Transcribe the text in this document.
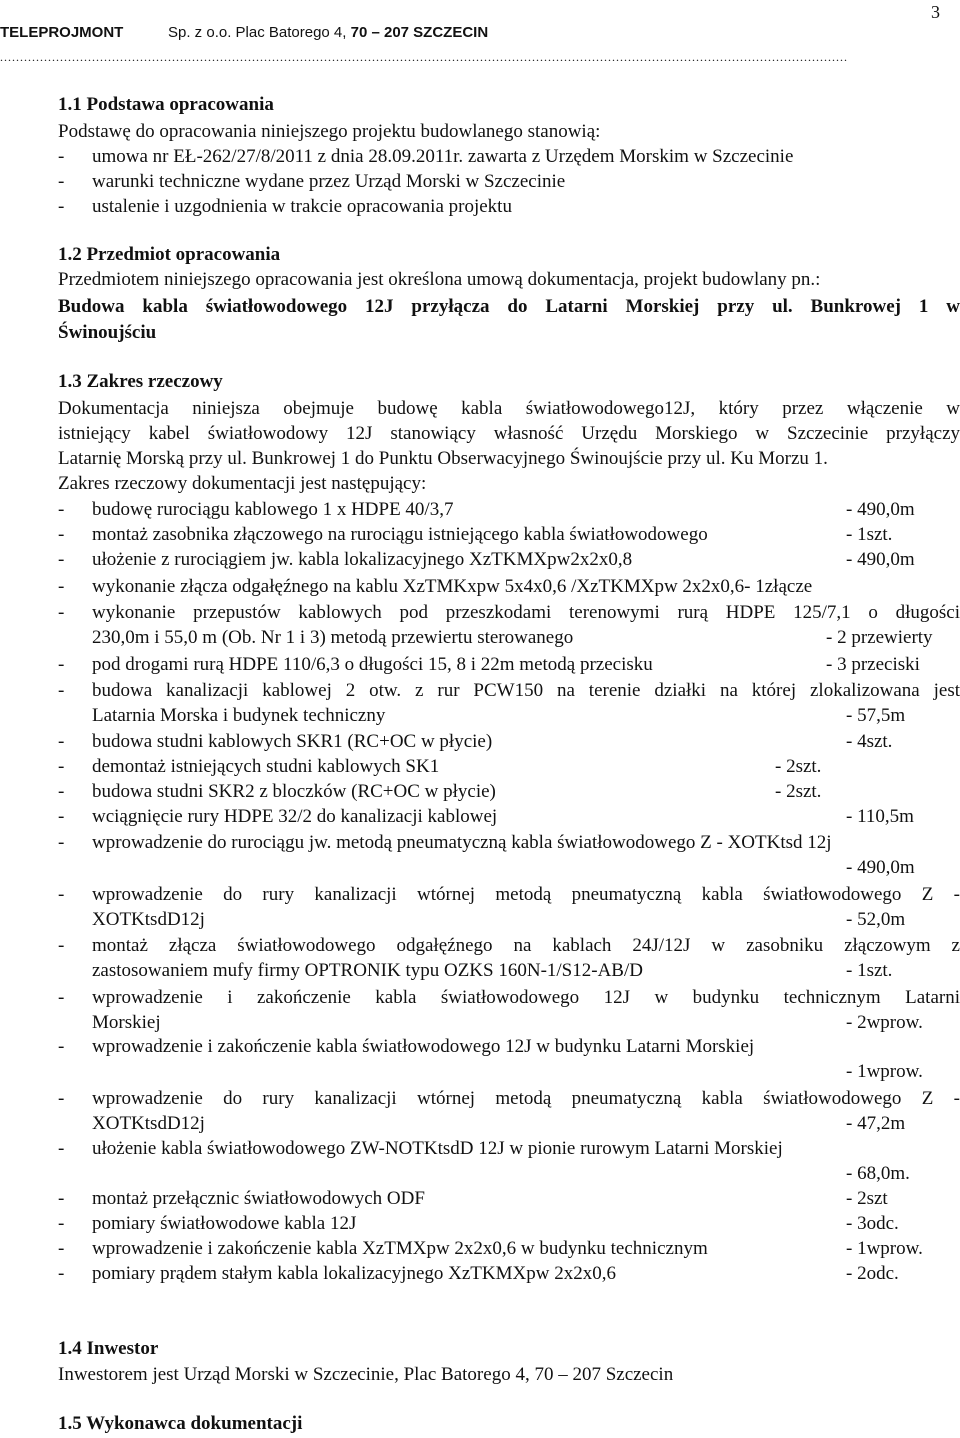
TELEPROJMONT	Sp. z o.o. Plac Batorego 4, 70 – 207 SZCZECIN
3
....................................................................................................................................................................................................................
1.1 Podstawa opracowania
Podstawę do opracowania niniejszego projektu budowlanego stanowią:
- umowa nr EŁ-262/27/8/2011 z dnia 28.09.2011r. zawarta z Urzędem Morskim w Szczecinie
- warunki techniczne wydane przez Urząd Morski w Szczecinie
- ustalenie i uzgodnienia w trakcie opracowania projektu
1.2 Przedmiot opracowania
Przedmiotem niniejszego opracowania jest określona umową dokumentacja, projekt budowlany pn.:
Budowa kabla światłowodowego 12J przyłącza do Latarni Morskiej przy ul. Bunkrowej 1 w
Świnoujściu
1.3 Zakres rzeczowy
Dokumentacja niniejsza obejmuje budowę kabla światłowodowego12J, który przez włączenie w
istniejący kabel światłowodowy 12J stanowiący własność Urzędu Morskiego w Szczecinie przyłączy
Latarnię Morską przy ul. Bunkrowej 1 do Punktu Obserwacyjnego Świnoujście przy ul. Ku Morzu 1.
Zakres rzeczowy dokumentacji jest następujący:
- budowę rurociągu kablowego 1 x HDPE 40/3,7	- 490,0m
- montaż zasobnika złączowego na rurociągu istniejącego kabla światłowodowego	- 1szt.
- ułożenie z rurociągiem jw. kabla lokalizacyjnego XzTKMXpw2x2x0,8	- 490,0m
- wykonanie złącza odgałęźnego na kablu XzTMKxpw 5x4x0,6 /XzTKMXpw 2x2x0,6- 1złącze
- wykonanie przepustów kablowych pod przeszkodami terenowymi rurą HDPE 125/7,1 o długości
230,0m i 55,0 m (Ob. Nr 1 i 3) metodą przewiertu sterowanego	- 2 przewierty
- pod drogami rurą HDPE 110/6,3 o długości 15, 8 i 22m metodą przecisku	- 3 przeciski
- budowa kanalizacji kablowej 2 otw. z rur PCW150 na terenie działki na której zlokalizowana jest
Latarnia Morska i budynek techniczny	- 57,5m
- budowa studni kablowych SKR1 (RC+OC w płycie)	- 4szt.
- demontaż istniejących studni kablowych SK1	- 2szt.
- budowa studni SKR2 z bloczków (RC+OC w płycie)	- 2szt.
- wciągnięcie rury HDPE 32/2 do kanalizacji kablowej	- 110,5m
- wprowadzenie do rurociągu jw. metodą pneumatyczną kabla światłowodowego Z - XOTKtsd 12j
- 490,0m
- wprowadzenie do rury kanalizacji wtórnej metodą pneumatyczną kabla światłowodowego Z -
XOTKtsdD12j	- 52,0m
- montaż złącza światłowodowego odgałęźnego na kablach 24J/12J w zasobniku złączowym z
zastosowaniem mufy firmy OPTRONIK typu OZKS 160N-1/S12-AB/D	- 1szt.
- wprowadzenie i zakończenie kabla światłowodowego 12J w budynku technicznym Latarni
Morskiej	- 2wprow.
- wprowadzenie i zakończenie kabla światłowodowego 12J w budynku Latarni Morskiej
- 1wprow.
- wprowadzenie do rury kanalizacji wtórnej metodą pneumatyczną kabla światłowodowego Z -
XOTKtsdD12j	- 47,2m
- ułożenie kabla światłowodowego ZW-NOTKtsdD 12J w pionie rurowym Latarni Morskiej
- 68,0m.
- montaż przełącznic światłowodowych ODF	- 2szt
- pomiary światłowodowe kabla 12J	- 3odc.
- wprowadzenie i zakończenie kabla XzTMXpw 2x2x0,6 w budynku technicznym	- 1wprow.
- pomiary prądem stałym kabla lokalizacyjnego XzTKMXpw 2x2x0,6	- 2odc.
1.4 Inwestor
Inwestorem jest Urząd Morski w Szczecinie, Plac Batorego 4, 70 – 207 Szczecin
1.5 Wykonawca dokumentacji
